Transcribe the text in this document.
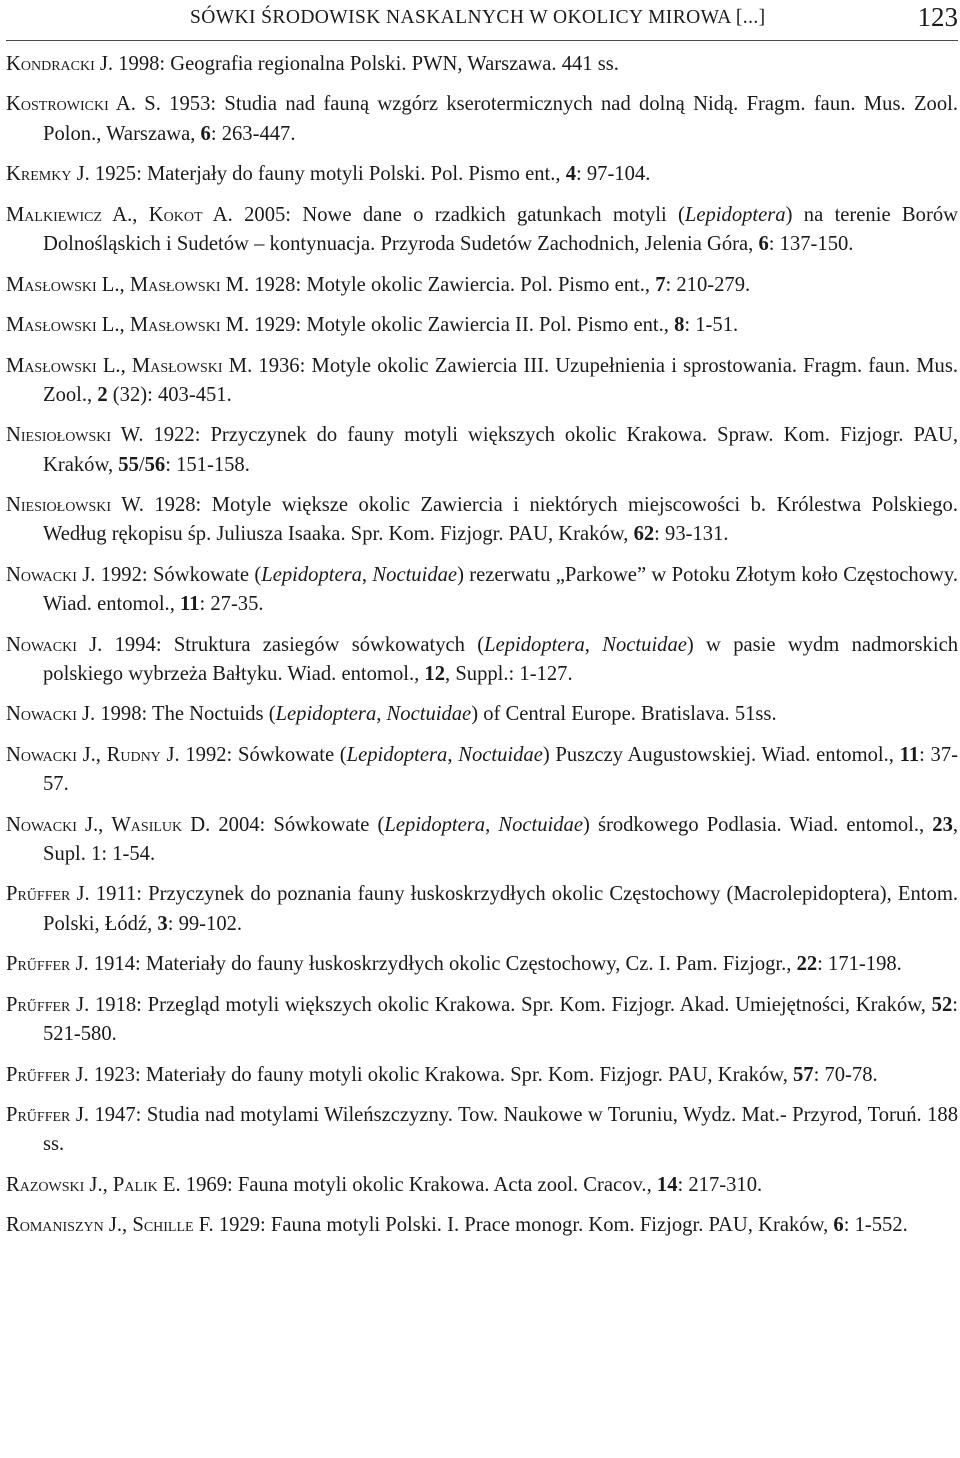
SÓWKI ŚRODOWISK NASKALNYCH W OKOLICY MIROWA [...]	123

Kondracki J. 1998: Geografia regionalna Polski. PWN, Warszawa. 441 ss.

Kostrowicki A. S. 1953: Studia nad fauną wzgórz kserotermicznych nad dolną Nidą. Fragm. faun. Mus. Zool. Polon., Warszawa, 6: 263-447.

Kremky J. 1925: Materjały do fauny motyli Polski. Pol. Pismo ent., 4: 97-104.

Malkiewicz A., Kokot A. 2005: Nowe dane o rzadkich gatunkach motyli (Lepidoptera) na terenie Borów Dolnośląskich i Sudetów – kontynuacja. Przyroda Sudetów Zachodnich, Jelenia Góra, 6: 137-150.

Masłowski L., Masłowski M. 1928: Motyle okolic Zawiercia. Pol. Pismo ent., 7: 210-279.

Masłowski L., Masłowski M. 1929: Motyle okolic Zawiercia II. Pol. Pismo ent., 8: 1-51.

Masłowski L., Masłowski M. 1936: Motyle okolic Zawiercia III. Uzupełnienia i sprostowania. Fragm. faun. Mus. Zool., 2 (32): 403-451.

Niesiołowski W. 1922: Przyczynek do fauny motyli większych okolic Krakowa. Spraw. Kom. Fizjogr. PAU, Kraków, 55/56: 151-158.

Niesiołowski W. 1928: Motyle większe okolic Zawiercia i niektórych miejscowości b. Królestwa Polskiego. Według rękopisu śp. Juliusza Isaaka. Spr. Kom. Fizjogr. PAU, Kraków, 62: 93-131.

Nowacki J. 1992: Sówkowate (Lepidoptera, Noctuidae) rezerwatu „Parkowe” w Potoku Złotym koło Częstochowy. Wiad. entomol., 11: 27-35.

Nowacki J. 1994: Struktura zasiegów sówkowatych (Lepidoptera, Noctuidae) w pasie wydm nadmorskich polskiego wybrzeża Bałtyku. Wiad. entomol., 12, Suppl.: 1-127.

Nowacki J. 1998: The Noctuids (Lepidoptera, Noctuidae) of Central Europe. Bratislava. 51ss.

Nowacki J., Rudny J. 1992: Sówkowate (Lepidoptera, Noctuidae) Puszczy Augustowskiej. Wiad. entomol., 11: 37-57.

Nowacki J., Wasiluk D. 2004: Sówkowate (Lepidoptera, Noctuidae) środkowego Podlasia. Wiad. entomol., 23, Supl. 1: 1-54.

Prűffer J. 1911: Przyczynek do poznania fauny łuskoskrzydłych okolic Częstochowy (Macrolepidoptera), Entom. Polski, Łódź, 3: 99-102.

Prűffer J. 1914: Materiały do fauny łuskoskrzydłych okolic Częstochowy, Cz. I. Pam. Fizjogr., 22: 171-198.

Prűffer J. 1918: Przegląd motyli większych okolic Krakowa. Spr. Kom. Fizjogr. Akad. Umiejętności, Kraków, 52: 521-580.

Prűffer J. 1923: Materiały do fauny motyli okolic Krakowa. Spr. Kom. Fizjogr. PAU, Kraków, 57: 70-78.

Prűffer J. 1947: Studia nad motylami Wileńszczyzny. Tow. Naukowe w Toruniu, Wydz. Mat.- Przyrod, Toruń. 188 ss.

Razowski J., Palik E. 1969: Fauna motyli okolic Krakowa. Acta zool. Cracov., 14: 217-310.

Romaniszyn J., Schille F. 1929: Fauna motyli Polski. I. Prace monogr. Kom. Fizjogr. PAU, Kraków, 6: 1-552.
